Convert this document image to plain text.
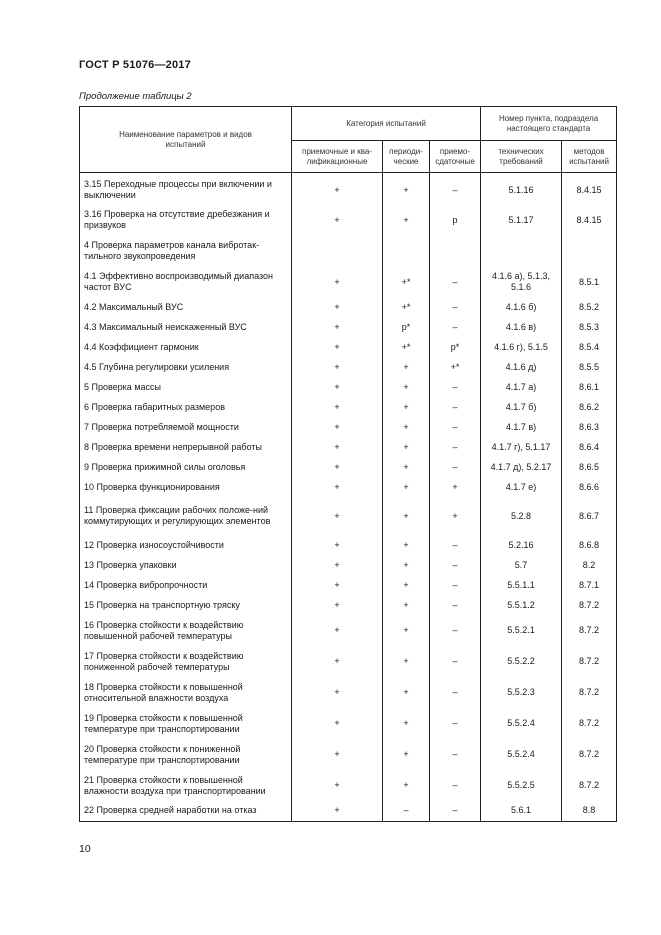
ГОСТ Р 51076—2017
Продолжение таблицы 2
Наименование параметров и видов испытаний	Категория испытаний			Номер пункта, подраздела настоящего стандарта	
	приемочные и ква-лификационные	периоди-ческие	приемо-сдаточные	технических требований	методов испытаний
3.15 Переходные процессы при включении и выключении	+	+	–	5.1.16	8.4.15
3.16 Проверка на отсутствие дребезжания и призвуков	+	+	р	5.1.17	8.4.15
4 Проверка параметров канала вибротак-тильного звукопроведения					
4.1 Эффективно воспроизводимый диапазон частот ВУС	+	+*	–	4.1.6 а), 5.1.3, 5.1.6	8.5.1
4.2 Максимальный ВУС	+	+*	–	4.1.6 б)	8.5.2
4.3 Максимальный неискаженный ВУС	+	р*	–	4.1.6 в)	8.5.3
4.4 Коэффициент гармоник	+	+*	р*	4.1.6 г), 5.1.5	8.5.4
4.5 Глубина регулировки усиления	+	+	+*	4.1.6 д)	8.5.5
5 Проверка массы	+	+	–	4.1.7 а)	8.6.1
6 Проверка габаритных размеров	+	+	–	4.1.7 б)	8.6.2
7 Проверка потребляемой мощности	+	+	–	4.1.7 в)	8.6.3
8 Проверка времени непрерывной работы	+	+	–	4.1.7 г), 5.1.17	8.6.4
9 Проверка прижимной силы оголовья	+	+	–	4.1.7 д), 5.2.17	8.6.5
10 Проверка функционирования	+	+	+	4.1.7 е)	8.6.6
11 Проверка фиксации рабочих положе-ний коммутирующих и регулирующих элементов	+	+	+	5.2.8	8.6.7
12 Проверка износоустойчивости	+	+	–	5.2.16	8.6.8
13 Проверка упаковки	+	+	–	5.7	8.2
14 Проверка вибропрочности	+	+	–	5.5.1.1	8.7.1
15 Проверка на транспортную тряску	+	+	–	5.5.1.2	8.7.2
16 Проверка стойкости к воздействию повышенной рабочей температуры	+	+	–	5.5.2.1	8.7.2
17 Проверка стойкости к воздействию пониженной рабочей температуры	+	+	–	5.5.2.2	8.7.2
18 Проверка стойкости к повышенной относительной влажности воздуха	+	+	–	5.5.2.3	8.7.2
19 Проверка стойкости к повышенной температуре при транспортировании	+	+	–	5.5.2.4	8.7.2
20 Проверка стойкости к пониженной температуре при транспортировании	+	+	–	5.5.2.4	8.7.2
21 Проверка стойкости к повышенной влажности воздуха при транспортировании	+	+	–	5.5.2.5	8.7.2
22 Проверка средней наработки на отказ	+	–	–	5.6.1	8.8
10
